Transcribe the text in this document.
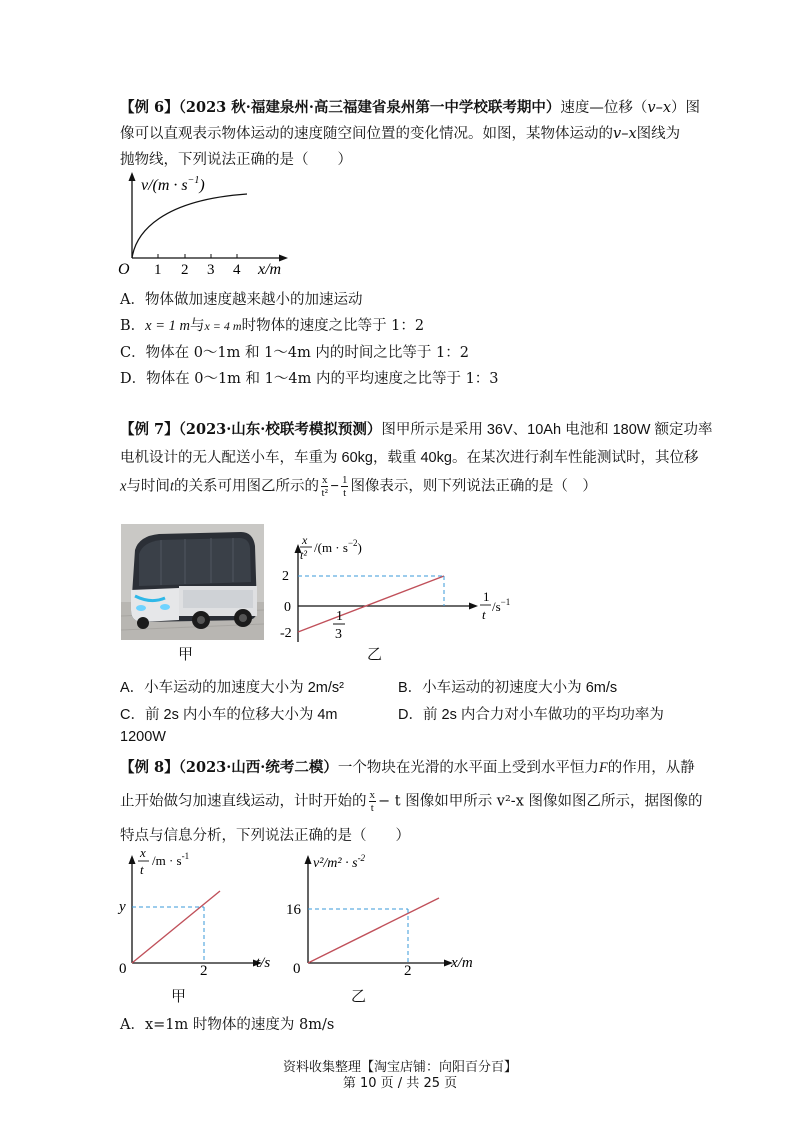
【例 6】（2023 秋·福建泉州·高三福建省泉州第一中学校联考期中）速度—位移（v–x）图
像可以直观表示物体运动的速度随空间位置的变化情况。如图，某物体运动的v–x图线为
抛物线，下列说法正确的是（　　）
$v/(m \cdot s^{-1})$
O 1 2 3 4 x/m
A．物体做加速度越来越小的加速运动
B．x = 1 m与x = 4 m时物体的速度之比等于 1：2
C．物体在 0～1m 和 1～4m 内的时间之比等于 1：2
D．物体在 0～1m 和 1～4m 内的平均速度之比等于 1：3
【例 7】（2023·山东·校联考模拟预测）图甲所示是采用 36V、10Ah 电池和 180W 额定功率
电机设计的无人配送小车，车重为 60kg，载重 40kg。在某次进行刹车性能测试时，其位移
x与时间t的关系可用图乙所示的 $\frac{x}{\text{t²}} - \frac{1}{t}$ 图像表示，则下列说法正确的是（　）
甲
2
0
-2
1
3
x
t² $/(m \cdot s^{-2})$
1
t
$/s^{-1}$
乙
A．小车运动的加速度大小为 2m/s²	B．小车运动的初速度大小为 6m/s
C．前 2s 内小车的位移大小为 4m	D．前 2s 内合力对小车做功的平均功率为
1200W
【例 8】（2023·山西·统考二模）一个物块在光滑的水平面上受到水平恒力F的作用，从静
止开始做匀加速直线运动，计时开始的 $\frac{x}{t} - t$ 图像如甲所示 v²-x 图像如图乙所示，据图像的
特点与信息分析，下列说法正确的是（　　）
x
t
$/m \cdot s^{-1}$
y
0	2	t/s
甲
$v^2/m^2 \cdot s^{-2}$
16
0	2	x/m
乙
A．x=1m 时物体的速度为 8m/s
资料收集整理【淘宝店铺：向阳百分百】
第 10 页 / 共 25 页
